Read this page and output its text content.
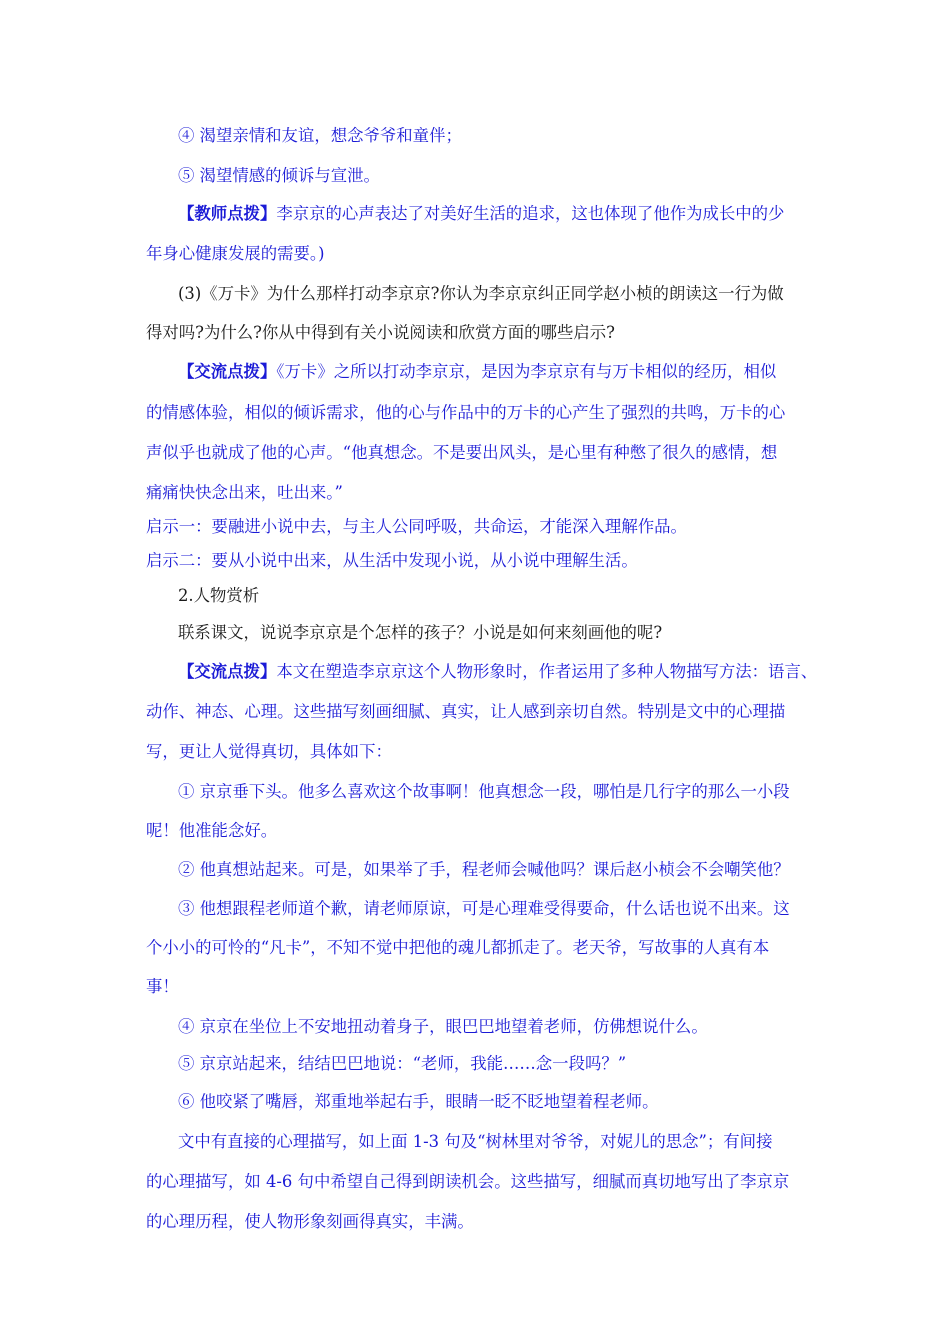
④ 渴望亲情和友谊，想念爷爷和童伴；
⑤ 渴望情感的倾诉与宣泄。
【教师点拨】李京京的心声表达了对美好生活的追求，这也体现了他作为成长中的少
年身心健康发展的需要。)
(3)《万卡》为什么那样打动李京京?你认为李京京纠正同学赵小桢的朗读这一行为做
得对吗?为什么?你从中得到有关小说阅读和欣赏方面的哪些启示?
【交流点拨】《万卡》之所以打动李京京，是因为李京京有与万卡相似的经历，相似
的情感体验，相似的倾诉需求，他的心与作品中的万卡的心产生了强烈的共鸣，万卡的心
声似乎也就成了他的心声。“他真想念。不是要出风头，是心里有种憋了很久的感情，想
痛痛快快念出来，吐出来。”
启示一：要融进小说中去，与主人公同呼吸，共命运，才能深入理解作品。
启示二：要从小说中出来，从生活中发现小说，从小说中理解生活。
2.人物赏析
联系课文，说说李京京是个怎样的孩子？小说是如何来刻画他的呢?
【交流点拨】本文在塑造李京京这个人物形象时，作者运用了多种人物描写方法：语言、
动作、神态、心理。这些描写刻画细腻、真实，让人感到亲切自然。特别是文中的心理描
写，更让人觉得真切，具体如下：
① 京京垂下头。他多么喜欢这个故事啊！他真想念一段，哪怕是几行字的那么一小段
呢！他准能念好。
② 他真想站起来。可是，如果举了手，程老师会喊他吗？课后赵小桢会不会嘲笑他？
③ 他想跟程老师道个歉，请老师原谅，可是心理难受得要命，什么话也说不出来。这
个小小的可怜的“凡卡”，不知不觉中把他的魂儿都抓走了。老天爷，写故事的人真有本
事！
④ 京京在坐位上不安地扭动着身子，眼巴巴地望着老师，仿佛想说什么。
⑤ 京京站起来，结结巴巴地说：“老师，我能……念一段吗？”
⑥ 他咬紧了嘴唇，郑重地举起右手，眼睛一眨不眨地望着程老师。
文中有直接的心理描写，如上面 1-3 句及“树林里对爷爷，对妮儿的思念”；有间接
的心理描写，如 4-6 句中希望自己得到朗读机会。这些描写，细腻而真切地写出了李京京
的心理历程，使人物形象刻画得真实，丰满。
